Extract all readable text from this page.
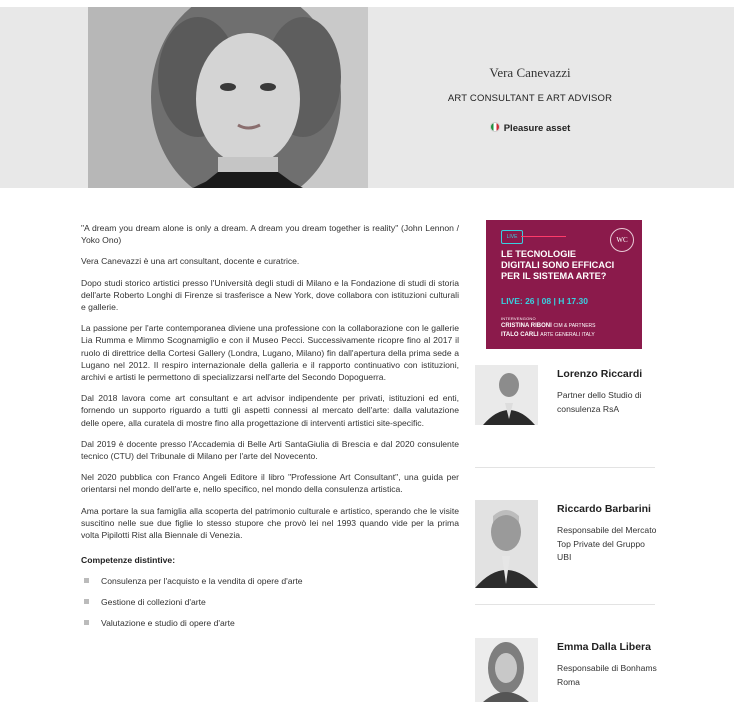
Vera Canevazzi
ART CONSULTANT E ART ADVISOR
Pleasure asset

"A dream you dream alone is only a dream. A dream you dream together is reality" (John Lennon / Yoko Ono)

Vera Canevazzi è una art consultant, docente e curatrice.

Dopo studi storico artistici presso l'Università degli studi di Milano e la Fondazione di studi di storia dell'arte Roberto Longhi di Firenze si trasferisce a New York, dove collabora con istituzioni culturali e gallerie.

La passione per l'arte contemporanea diviene una professione con la collaborazione con le gallerie Lia Rumma e Mimmo Scognamiglio e con il Museo Pecci. Successivamente ricopre fino al 2017 il ruolo di direttrice della Cortesi Gallery (Londra, Lugano, Milano) fin dall'apertura della prima sede a Lugano nel 2012. Il respiro internazionale della galleria e il rapporto continuativo con istituzioni, archivi e artisti le permettono di specializzarsi nell'arte del Secondo Dopoguerra.

Dal 2018 lavora come art consultant e art advisor indipendente per privati, istituzioni ed enti, fornendo un supporto riguardo a tutti gli aspetti connessi al mercato dell'arte: dalla valutazione delle opere, alla curatela di mostre fino alla progettazione di interventi artistici site-specific.

Dal 2019 è docente presso l'Accademia di Belle Arti SantaGiulia di Brescia e dal 2020 consulente tecnico (CTU) del Tribunale di Milano per l'arte del Novecento.

Nel 2020 pubblica con Franco Angeli Editore il libro "Professione Art Consultant", una guida per orientarsi nel mondo dell'arte e, nello specifico, nel mondo della consulenza artistica.

Ama portare la sua famiglia alla scoperta del patrimonio culturale e artistico, sperando che le visite suscitino nelle sue due figlie lo stesso stupore che provò lei nel 1993 quando vide per la prima volta Pipilotti Rist alla Biennale di Venezia.

Competenze distintive:
Consulenza per l'acquisto e la vendita di opere d'arte
Gestione di collezioni d'arte
Valutazione e studio di opere d'arte
LIVE	WC
LE TECNOLOGIE
DIGITALI SONO EFFICACI
PER IL SISTEMA ARTE?
LIVE: 26 | 08 | H 17.30
INTERVENGONO
CRISTINA RIBONI CIM & PARTNERS
ITALO CARLI ARTE GENERALI ITALY
Lorenzo Riccardi
Partner dello Studio di consulenza RsA
Riccardo Barbarini
Responsabile del Mercato Top Private del Gruppo UBI
Emma Dalla Libera
Responsabile di Bonhams Roma
